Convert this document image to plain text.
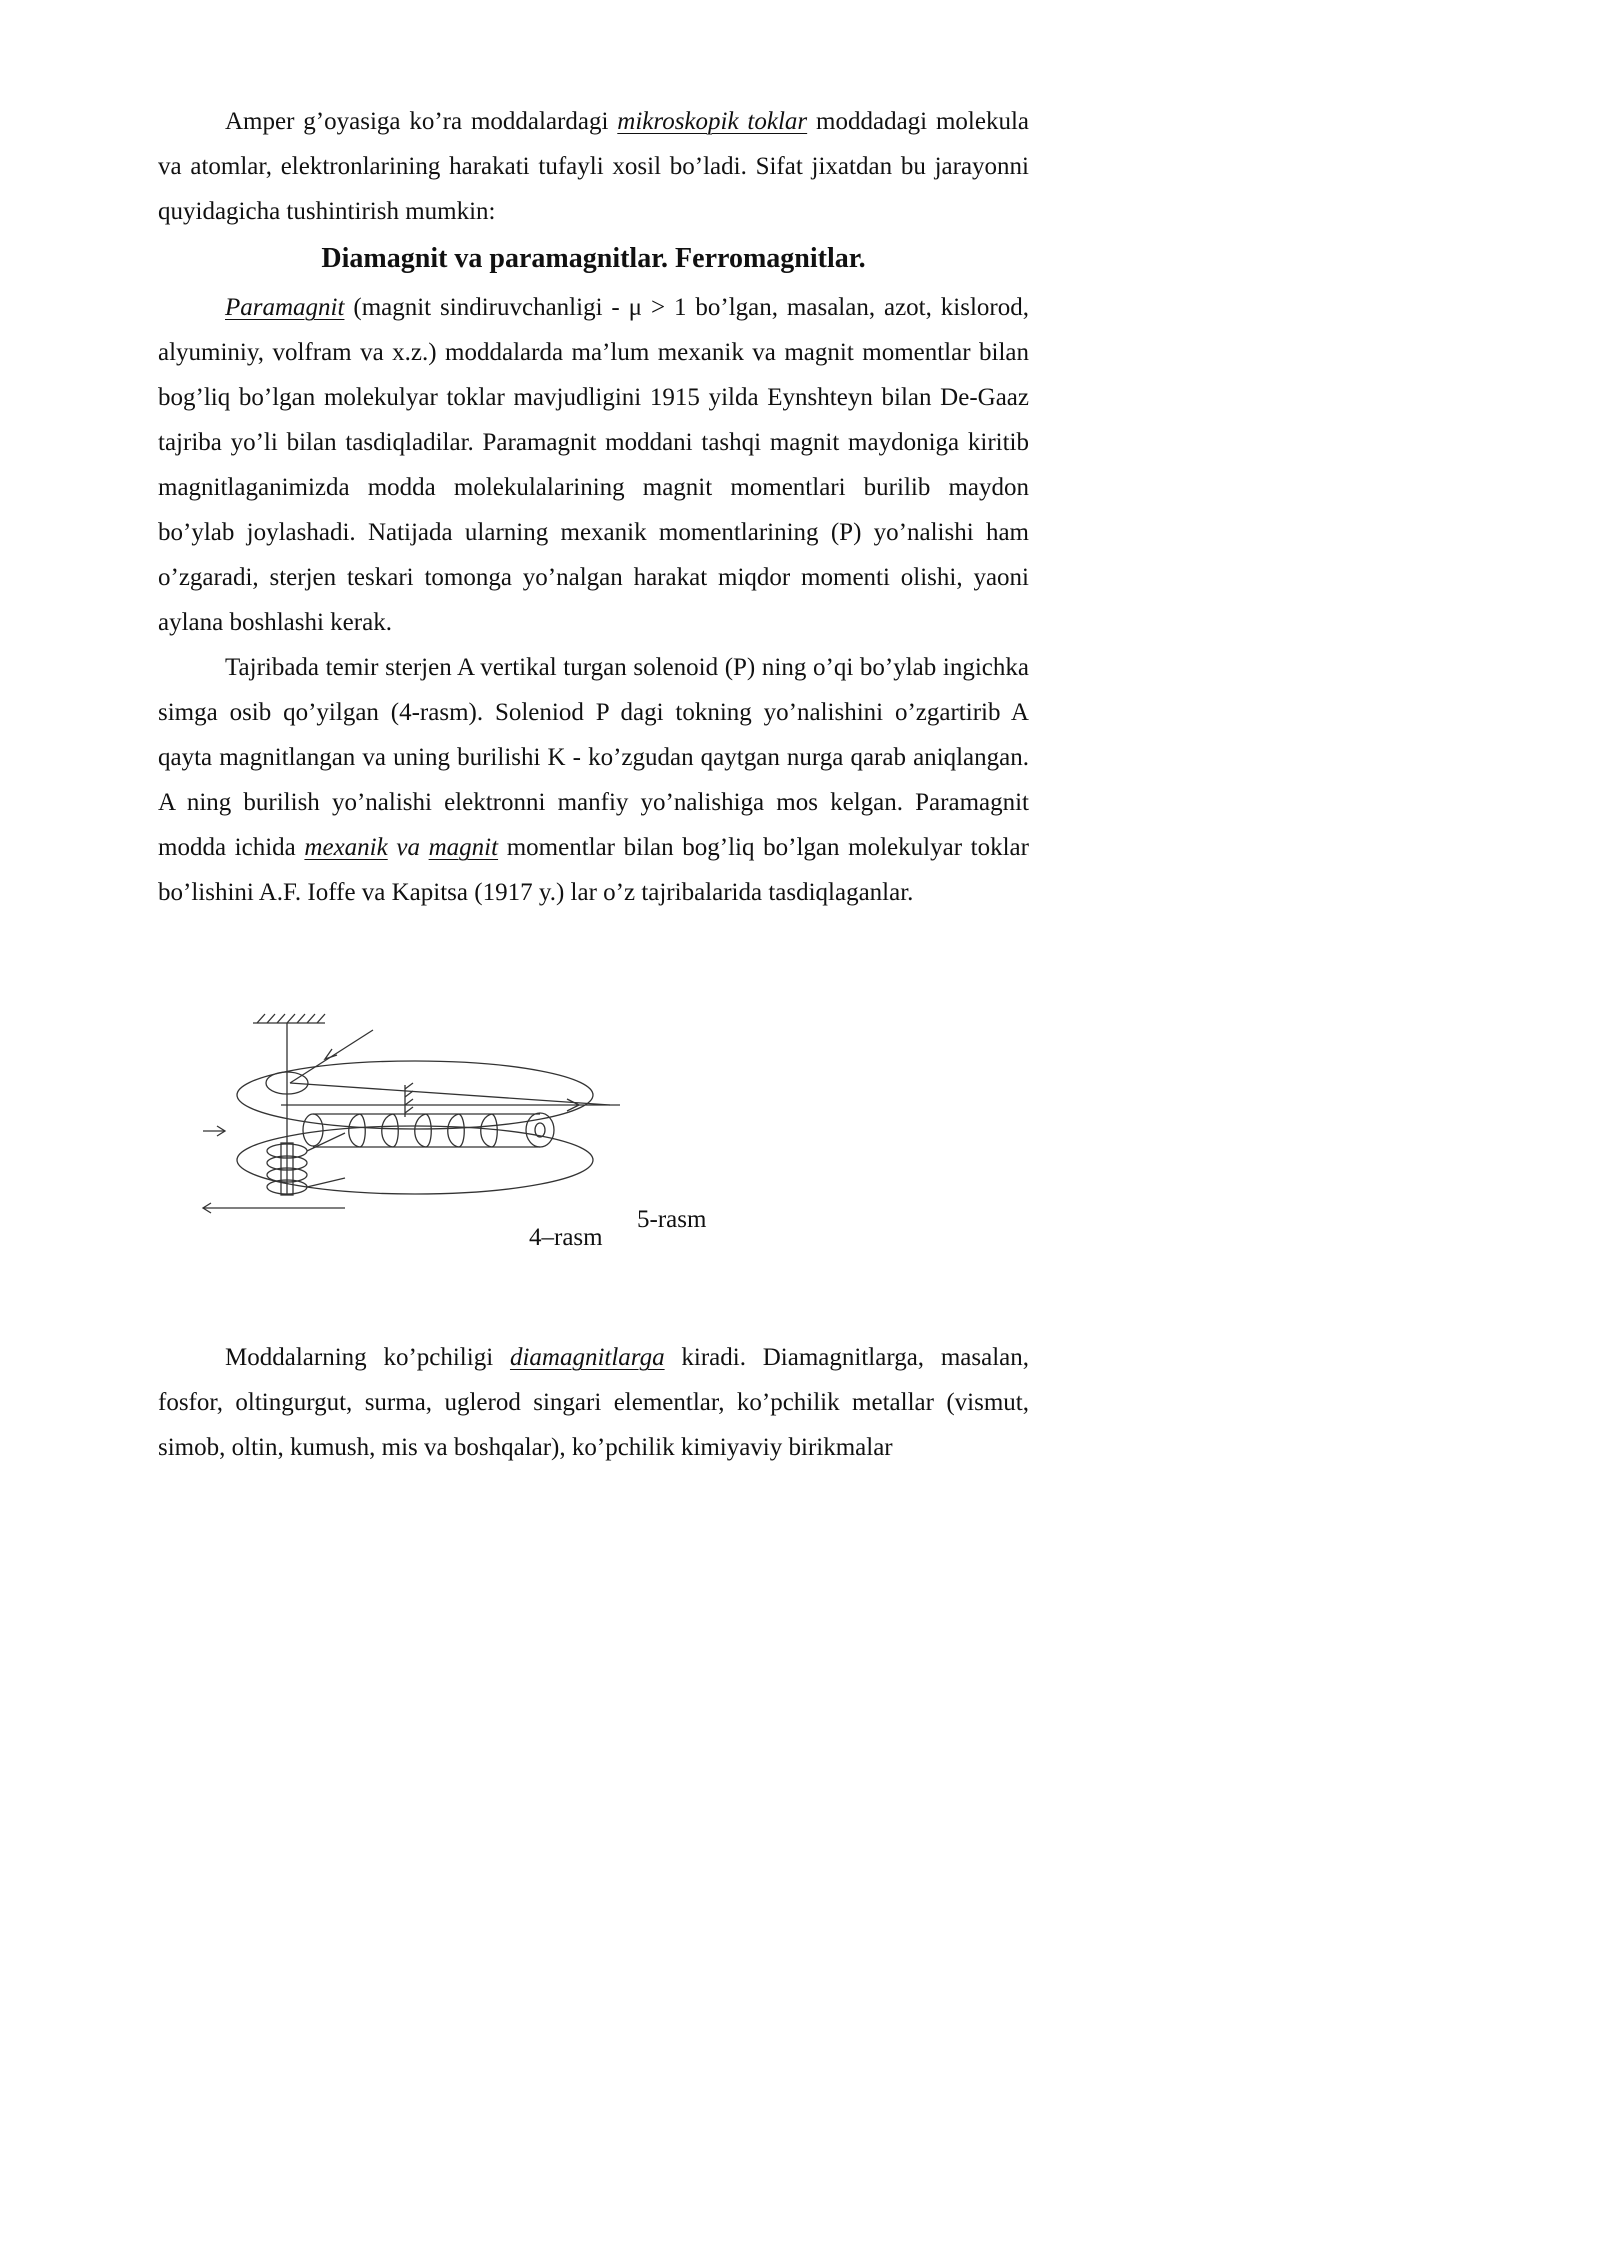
Amper g’oyasiga ko’ra moddalardagi mikroskopik toklar moddadagi molekula va atomlar, elektronlarining harakati tufayli xosil bo’ladi. Sifat jixatdan bu jarayonni quyidagicha tushintirish mumkin:

Diamagnit va paramagnitlar. Ferromagnitlar.

Paramagnit (magnit sindiruvchanligi - μ > 1 bo’lgan, masalan, azot, kislorod, alyuminiy, volfram va x.z.) moddalarda ma’lum mexanik va magnit momentlar bilan bog’liq bo’lgan molekulyar toklar mavjudligini 1915 yilda Eynshteyn bilan De-Gaaz tajriba yo’li bilan tasdiqladilar. Paramagnit moddani tashqi magnit maydoniga kiritib magnitlaganimizda modda molekulalarining magnit momentlari burilib maydon bo’ylab joylashadi. Natijada ularning mexanik momentlarining (P) yo’nalishi ham o’zgaradi, sterjen teskari tomonga yo’nalgan harakat miqdor momenti olishi, yaoni aylana boshlashi kerak.

Tajribada temir sterjen A vertikal turgan solenoid (P) ning o’qi bo’ylab ingichka simga osib qo’yilgan (4-rasm). Soleniod P dagi tokning yo’nalishini o’zgartirib A qayta magnitlangan va uning burilishi K - ko’zgudan qaytgan nurga qarab aniqlangan. A ning burilish yo’nalishi elektronni manfiy yo’nalishiga mos kelgan. Paramagnit modda ichida mexanik va magnit momentlar bilan bog’liq bo’lgan molekulyar toklar bo’lishini A.F. Ioffe va Kapitsa (1917 y.) lar o’z tajribalarida tasdiqlaganlar.

5-rasm
4–rasm

Moddalarning ko’pchiligi diamagnitlarga kiradi. Diamagnitlarga, masalan, fosfor, oltingurgut, surma, uglerod singari elementlar, ko’pchilik metallar (vismut, simob, oltin, kumush, mis va boshqalar), ko’pchilik kimiyaviy birikmalar
